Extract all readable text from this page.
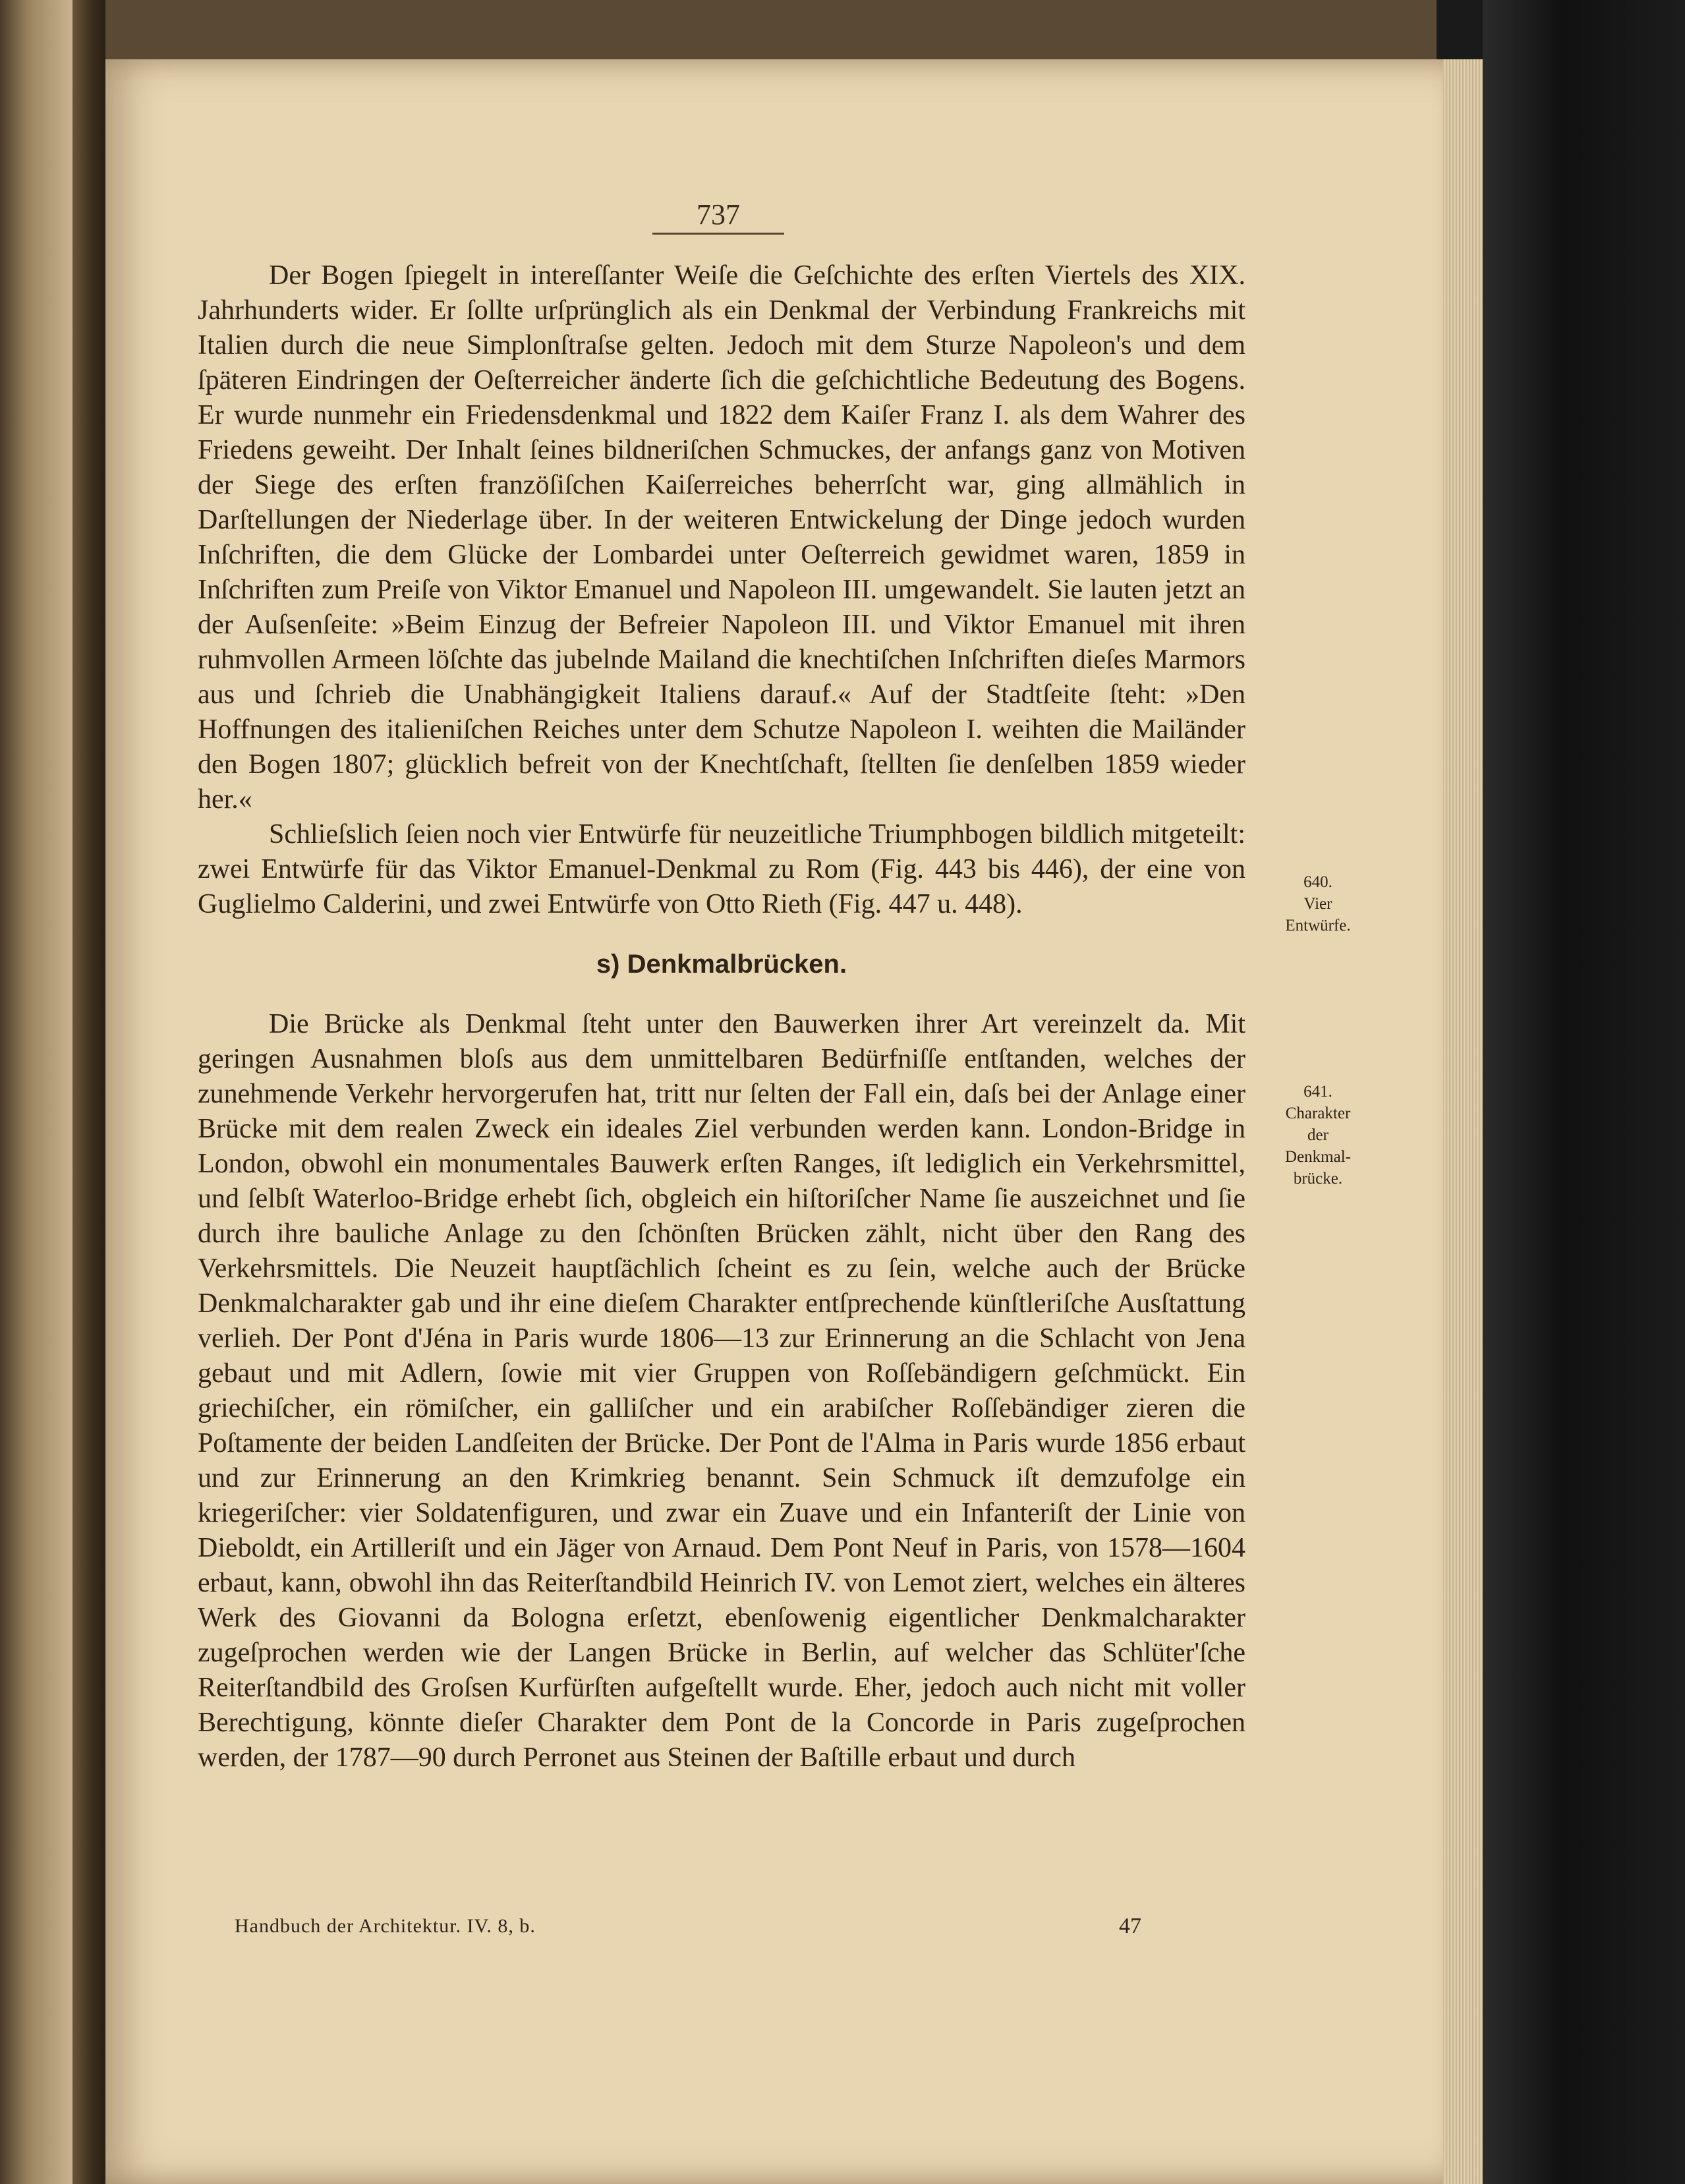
737

Der Bogen ſpiegelt in intereſſanter Weiſe die Geſchichte des erſten Viertels des XIX. Jahrhunderts wider. Er ſollte urſprünglich als ein Denkmal der Verbindung Frankreichs mit Italien durch die neue Simplonſtraſse gelten. Jedoch mit dem Sturze Napoleon's und dem ſpäteren Eindringen der Oeſterreicher änderte ſich die geſchichtliche Bedeutung des Bogens. Er wurde nunmehr ein Friedensdenkmal und 1822 dem Kaiſer Franz I. als dem Wahrer des Friedens geweiht. Der Inhalt ſeines bildneriſchen Schmuckes, der anfangs ganz von Motiven der Siege des erſten franzöſiſchen Kaiſerreiches beherrſcht war, ging allmählich in Darſtellungen der Niederlage über. In der weiteren Entwickelung der Dinge jedoch wurden Inſchriften, die dem Glücke der Lombardei unter Oeſterreich gewidmet waren, 1859 in Inſchriften zum Preiſe von Viktor Emanuel und Napoleon III. umgewandelt. Sie lauten jetzt an der Auſsenſeite: »Beim Einzug der Befreier Napoleon III. und Viktor Emanuel mit ihren ruhmvollen Armeen löſchte das jubelnde Mailand die knechtiſchen Inſchriften dieſes Marmors aus und ſchrieb die Unabhängigkeit Italiens darauf.« Auf der Stadtſeite ſteht: »Den Hoffnungen des italieniſchen Reiches unter dem Schutze Napoleon I. weihten die Mailänder den Bogen 1807; glücklich befreit von der Knechtſchaft, ſtellten ſie denſelben 1859 wieder her.«

Schlieſslich ſeien noch vier Entwürfe für neuzeitliche Triumphbogen bildlich mitgeteilt: zwei Entwürfe für das Viktor Emanuel-Denkmal zu Rom (Fig. 443 bis 446), der eine von Guglielmo Calderini, und zwei Entwürfe von Otto Rieth (Fig. 447 u. 448).

s) Denkmalbrücken.

Die Brücke als Denkmal ſteht unter den Bauwerken ihrer Art vereinzelt da. Mit geringen Ausnahmen bloſs aus dem unmittelbaren Bedürfniſſe entſtanden, welches der zunehmende Verkehr hervorgerufen hat, tritt nur ſelten der Fall ein, daſs bei der Anlage einer Brücke mit dem realen Zweck ein ideales Ziel verbunden werden kann. London-Bridge in London, obwohl ein monumentales Bauwerk erſten Ranges, iſt lediglich ein Verkehrsmittel, und ſelbſt Waterloo-Bridge erhebt ſich, obgleich ein hiſtoriſcher Name ſie auszeichnet und ſie durch ihre bauliche Anlage zu den ſchönſten Brücken zählt, nicht über den Rang des Verkehrsmittels. Die Neuzeit hauptſächlich ſcheint es zu ſein, welche auch der Brücke Denkmalcharakter gab und ihr eine dieſem Charakter entſprechende künſtleriſche Ausſtattung verlieh. Der Pont d'Jéna in Paris wurde 1806—13 zur Erinnerung an die Schlacht von Jena gebaut und mit Adlern, ſowie mit vier Gruppen von Roſſebändigern geſchmückt. Ein griechiſcher, ein römiſcher, ein galliſcher und ein arabiſcher Roſſebändiger zieren die Poſtamente der beiden Landſeiten der Brücke. Der Pont de l'Alma in Paris wurde 1856 erbaut und zur Erinnerung an den Krimkrieg benannt. Sein Schmuck iſt demzufolge ein kriegeriſcher: vier Soldatenfiguren, und zwar ein Zuave und ein Infanteriſt der Linie von Dieboldt, ein Artilleriſt und ein Jäger von Arnaud. Dem Pont Neuf in Paris, von 1578—1604 erbaut, kann, obwohl ihn das Reiterſtandbild Heinrich IV. von Lemot ziert, welches ein älteres Werk des Giovanni da Bologna erſetzt, ebenſowenig eigentlicher Denkmalcharakter zugeſprochen werden wie der Langen Brücke in Berlin, auf welcher das Schlüter'ſche Reiterſtandbild des Groſsen Kurfürſten aufgeſtellt wurde. Eher, jedoch auch nicht mit voller Berechtigung, könnte dieſer Charakter dem Pont de la Concorde in Paris zugeſprochen werden, der 1787—90 durch Perronet aus Steinen der Baſtille erbaut und durch

640.
Vier
Entwürfe.
641.
Charakter
der
Denkmal-
brücke.
Handbuch der Architektur. IV. 8, b.	47
